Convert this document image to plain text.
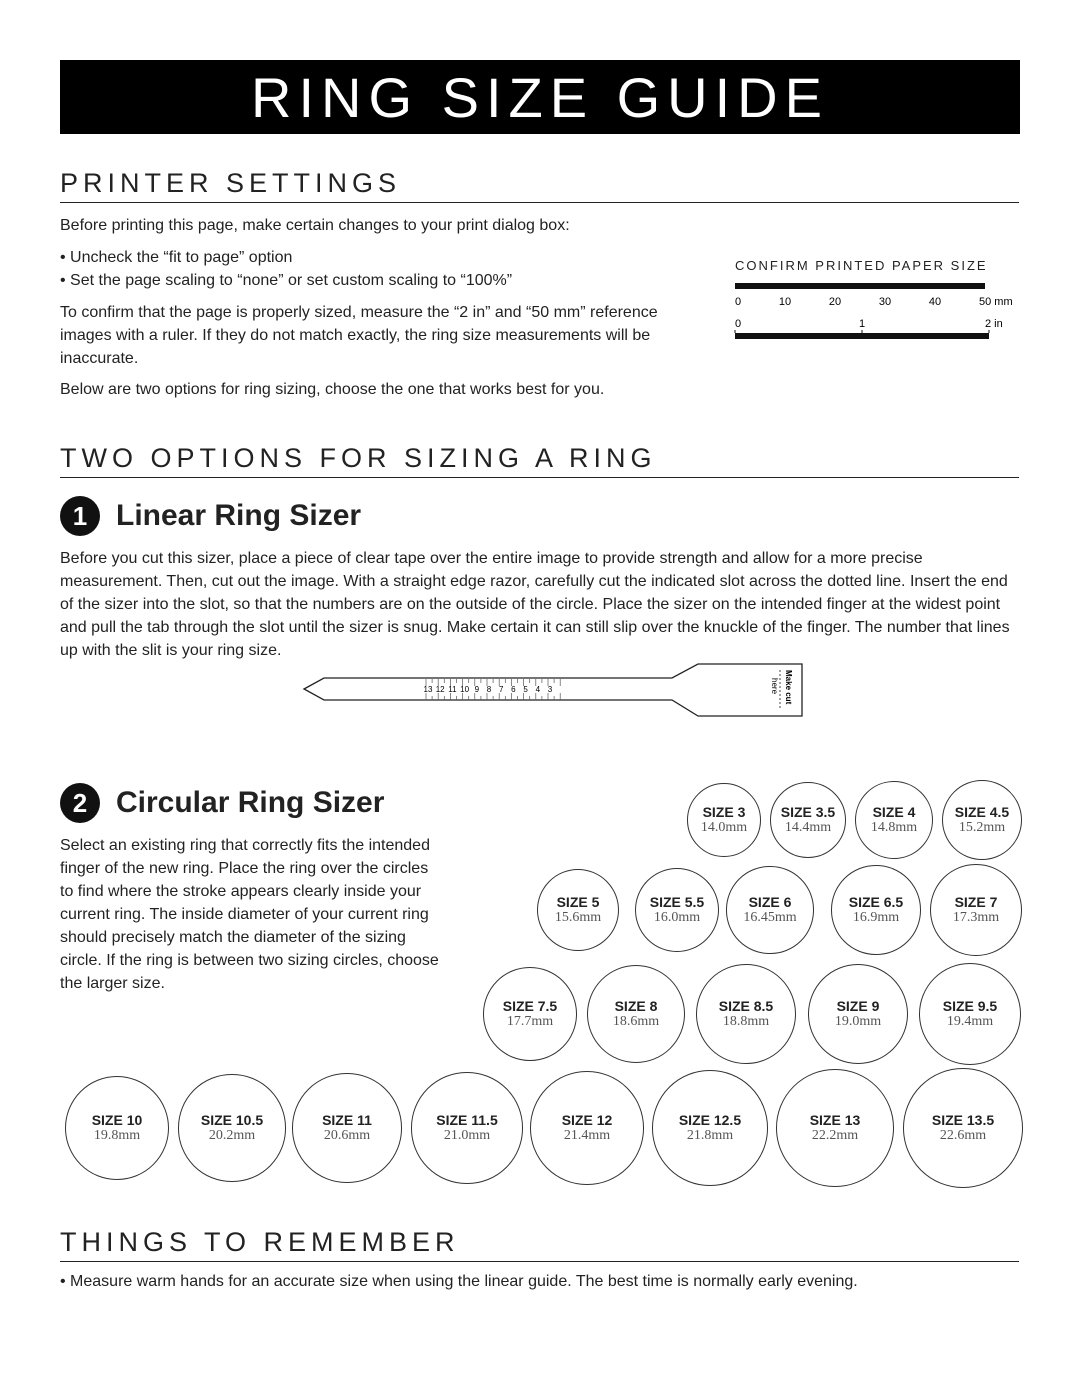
RING SIZE GUIDE
PRINTER SETTINGS

Before printing this page, make certain changes to your print dialog box:

• Uncheck the “fit to page” option
• Set the page scaling to “none” or set custom scaling to “100%”

To confirm that the page is properly sized, measure the “2 in” and “50 mm” reference images with a ruler. If they do not match exactly, the ring size measurements will be inaccurate.

Below are two options for ring sizing, choose the one that works best for you.

CONFIRM PRINTED PAPER SIZE
0	10	20	30	40	50 mm
0	1	2 in
TWO OPTIONS FOR SIZING A RING
1 Linear Ring Sizer

Before you cut this sizer, place a piece of clear tape over the entire image to provide strength and allow for a more precise measurement. Then, cut out the image. With a straight edge razor, carefully cut the indicated slot across the dotted line. Insert the end of the sizer into the slot, so that the numbers are on the outside of the circle. Place the sizer on the intended finger at the widest point and pull the tab through the slot until the sizer is snug. Make certain it can still slip over the knuckle of the finger. The number that lines up with the slit is your ring size.

13 12 11 10 9 8 7 6 5 4 3	Make cut
here
2 Circular Ring Sizer

Select an existing ring that correctly fits the intended finger of the new ring. Place the ring over the circles to find where the stroke appears clearly inside your current ring. The inside diameter of your current ring should precisely match the diameter of the sizing circle. If the ring is between two sizing circles, choose the larger size.

SIZE 3
14.0mm
SIZE 3.5
14.4mm
SIZE 4
14.8mm
SIZE 4.5
15.2mm
SIZE 5
15.6mm
SIZE 5.5
16.0mm
SIZE 6
16.45mm
SIZE 6.5
16.9mm
SIZE 7
17.3mm
SIZE 7.5
17.7mm
SIZE 8
18.6mm
SIZE 8.5
18.8mm
SIZE 9
19.0mm
SIZE 9.5
19.4mm
SIZE 10
19.8mm
SIZE 10.5
20.2mm
SIZE 11
20.6mm
SIZE 11.5
21.0mm
SIZE 12
21.4mm
SIZE 12.5
21.8mm
SIZE 13
22.2mm
SIZE 13.5
22.6mm
THINGS TO REMEMBER
• Measure warm hands for an accurate size when using the linear guide. The best time is normally early evening.
